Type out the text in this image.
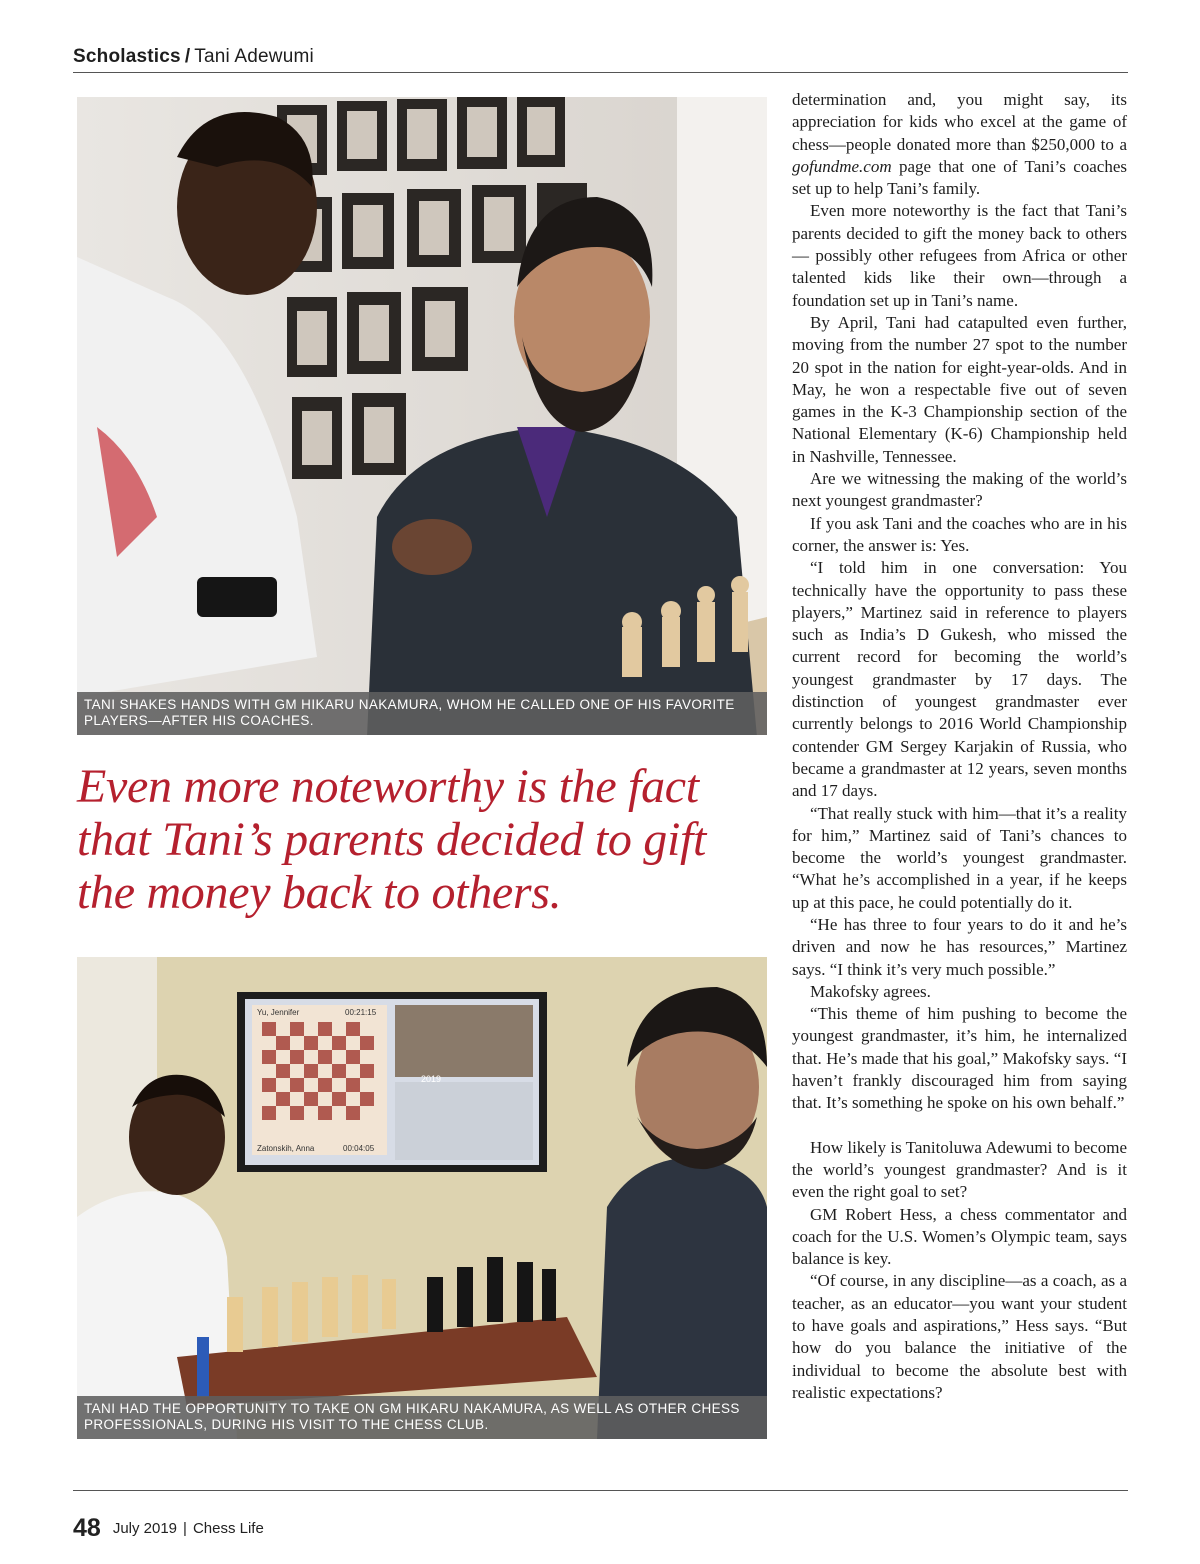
Scholastics / Tani Adewumi
TANI SHAKES HANDS WITH GM HIKARU NAKAMURA, WHOM HE CALLED ONE OF HIS FAVORITE PLAYERS—AFTER HIS COACHES.
Even more noteworthy is the fact that Tani’s parents decided to gift the money back to others.
Yu, Jennifer	00:21:15
Zatonskih, Anna	00:04:05
2019
TANI HAD THE OPPORTUNITY TO TAKE ON GM HIKARU NAKAMURA, AS WELL AS OTHER CHESS PROFESSIONALS, DURING HIS VISIT TO THE CHESS CLUB.

determination and, you might say, its appreciation for kids who excel at the game of chess—people donated more than $250,000 to a gofundme.com page that one of Tani’s coaches set up to help Tani’s family.

Even more noteworthy is the fact that Tani’s parents decided to gift the money back to others— possibly other refugees from Africa or other talented kids like their own—through a foundation set up in Tani’s name.

By April, Tani had catapulted even further, moving from the number 27 spot to the number 20 spot in the nation for eight-year-olds. And in May, he won a respectable five out of seven games in the K-3 Championship section of the National Elementary (K-6) Championship held in Nashville, Tennessee.

Are we witnessing the making of the world’s next youngest grandmaster?

If you ask Tani and the coaches who are in his corner, the answer is: Yes.

“I told him in one conversation: You technically have the opportunity to pass these players,” Martinez said in reference to players such as India’s D Gukesh, who missed the current record for becoming the world’s youngest grandmaster by 17 days. The distinction of youngest grandmaster ever currently belongs to 2016 World Championship contender GM Sergey Karjakin of Russia, who became a grandmaster at 12 years, seven months and 17 days.

“That really stuck with him—that it’s a reality for him,” Martinez said of Tani’s chances to become the world’s youngest grandmaster. “What he’s accomplished in a year, if he keeps up at this pace, he could potentially do it.

“He has three to four years to do it and he’s driven and now he has resources,” Martinez says. “I think it’s very much possible.”

Makofsky agrees.

“This theme of him pushing to become the youngest grandmaster, it’s him, he internalized that. He’s made that his goal,” Makofsky says. “I haven’t frankly discouraged him from saying that. It’s something he spoke on his own behalf.”

How likely is Tanitoluwa Adewumi to become the world’s youngest grandmaster? And is it even the right goal to set?

GM Robert Hess, a chess commentator and coach for the U.S. Women’s Olympic team, says balance is key.

“Of course, in any discipline—as a coach, as a teacher, as an educator—you want your student to have goals and aspirations,” Hess says. “But how do you balance the initiative of the individual to become the absolute best with realistic expectations?

48 July 2019 | Chess Life
